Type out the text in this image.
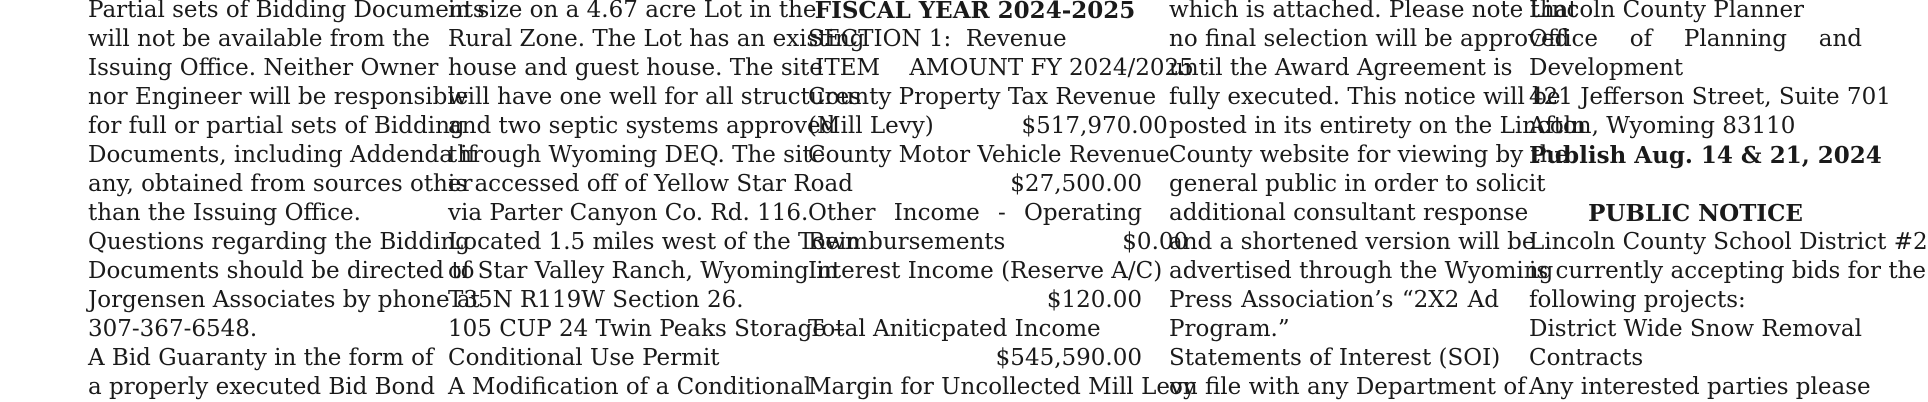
Partial sets of Bidding Documents
will not be available from the
Issuing Office. Neither Owner
nor Engineer will be responsible
for full or partial sets of Bidding
Documents, including Addenda if
any, obtained from sources other
than the Issuing Office.
Questions regarding the Bidding
Documents should be directed to
Jorgensen Associates by phone at
307-367-6548.
A Bid Guaranty in the form of
a properly executed Bid Bond
in size on a 4.67 acre Lot in the
Rural Zone. The Lot has an existing
house and guest house. The site
will have one well for all structures
and two septic systems approved
through Wyoming DEQ. The site
is accessed off of Yellow Star Road
via Parter Canyon Co. Rd. 116.
Located 1.5 miles west of the Town
of Star Valley Ranch, Wyoming in
T35N R119W Section 26.
105 CUP 24 Twin Peaks Storage –
Conditional Use Permit
A Modification of a Conditional
FISCAL YEAR 2024-2025
SECTION 1:  Revenue
ITEM    AMOUNT FY 2024/2025
County Property Tax Revenue
(Mill Levy)            $517,970.00
County Motor Vehicle Revenue
$27,500.00
Other Income - Operating
Reimbursements                $0.00
Interest Income (Reserve A/C)
$120.00
Total Aniticpated Income
$545,590.00
Margin for Uncollected Mill Levy
which is attached. Please note that
no final selection will be approved
until the Award Agreement is
fully executed. This notice will be
posted in its entirety on the Lincoln
County website for viewing by the
general public in order to solicit
additional consultant response
and a shortened version will be
advertised through the Wyoming
Press Association’s “2X2 Ad
Program.”
Statements of Interest (SOI)
on file with any Department of
Lincoln County Planner
Office of Planning and
Development
421 Jefferson Street, Suite 701
Afton, Wyoming 83110
Publish Aug. 14 & 21, 2024
PUBLIC NOTICE
Lincoln County School District #2
is currently accepting bids for the
following projects:
District Wide Snow Removal
Contracts
Any interested parties please
